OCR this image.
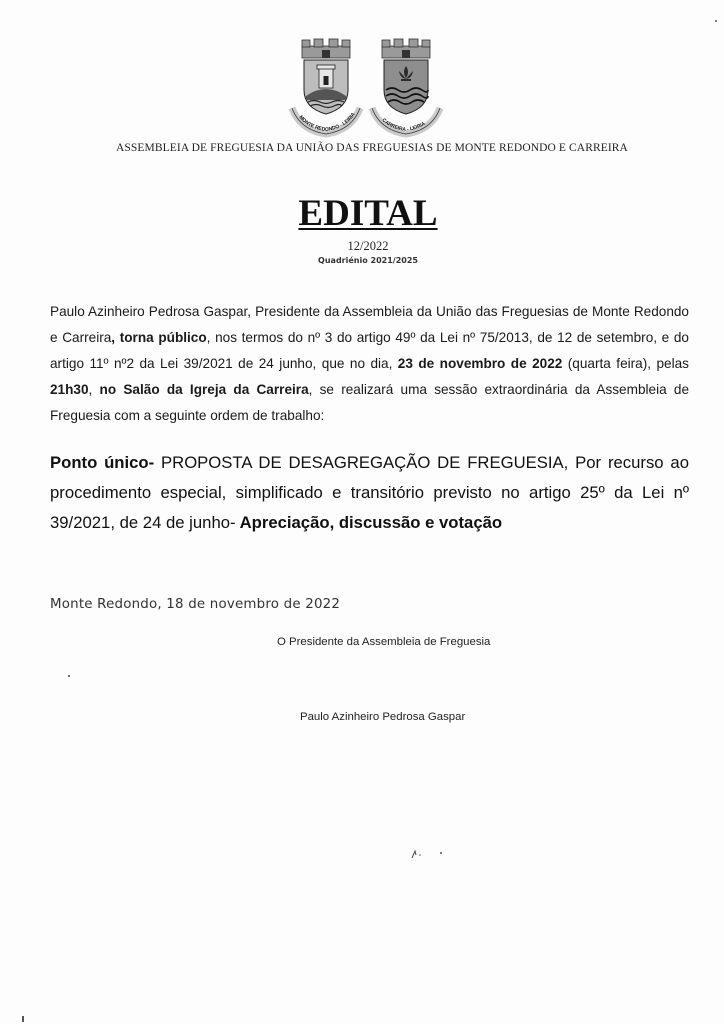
MONTE REDONDO - LEIRIA
CARREIRA - LEIRIA
ASSEMBLEIA DE FREGUESIA DA UNIÃO DAS FREGUESIAS DE MONTE REDONDO E CARREIRA
EDITAL
12/2022
Quadriénio 2021/2025
Paulo Azinheiro Pedrosa Gaspar, Presidente da Assembleia da União das Freguesias de Monte Redondo e Carreira, torna público, nos termos do nº 3 do artigo 49º da Lei nº 75/2013, de 12 de setembro, e do artigo 11º nº2 da Lei 39/2021 de 24 junho, que no dia, 23 de novembro de 2022 (quarta feira), pelas 21h30, no Salão da Igreja da Carreira, se realizará uma sessão extraordinária da Assembleia de Freguesia com a seguinte ordem de trabalho:
Ponto único- PROPOSTA DE DESAGREGAÇÃO DE FREGUESIA, Por recurso ao procedimento especial, simplificado e transitório previsto no artigo 25º da Lei nº 39/2021, de 24 de junho- Apreciação, discussão e votação
Monte Redondo, 18 de novembro de 2022
O Presidente da Assembleia de Freguesia
Paulo Azinheiro Pedrosa Gaspar
